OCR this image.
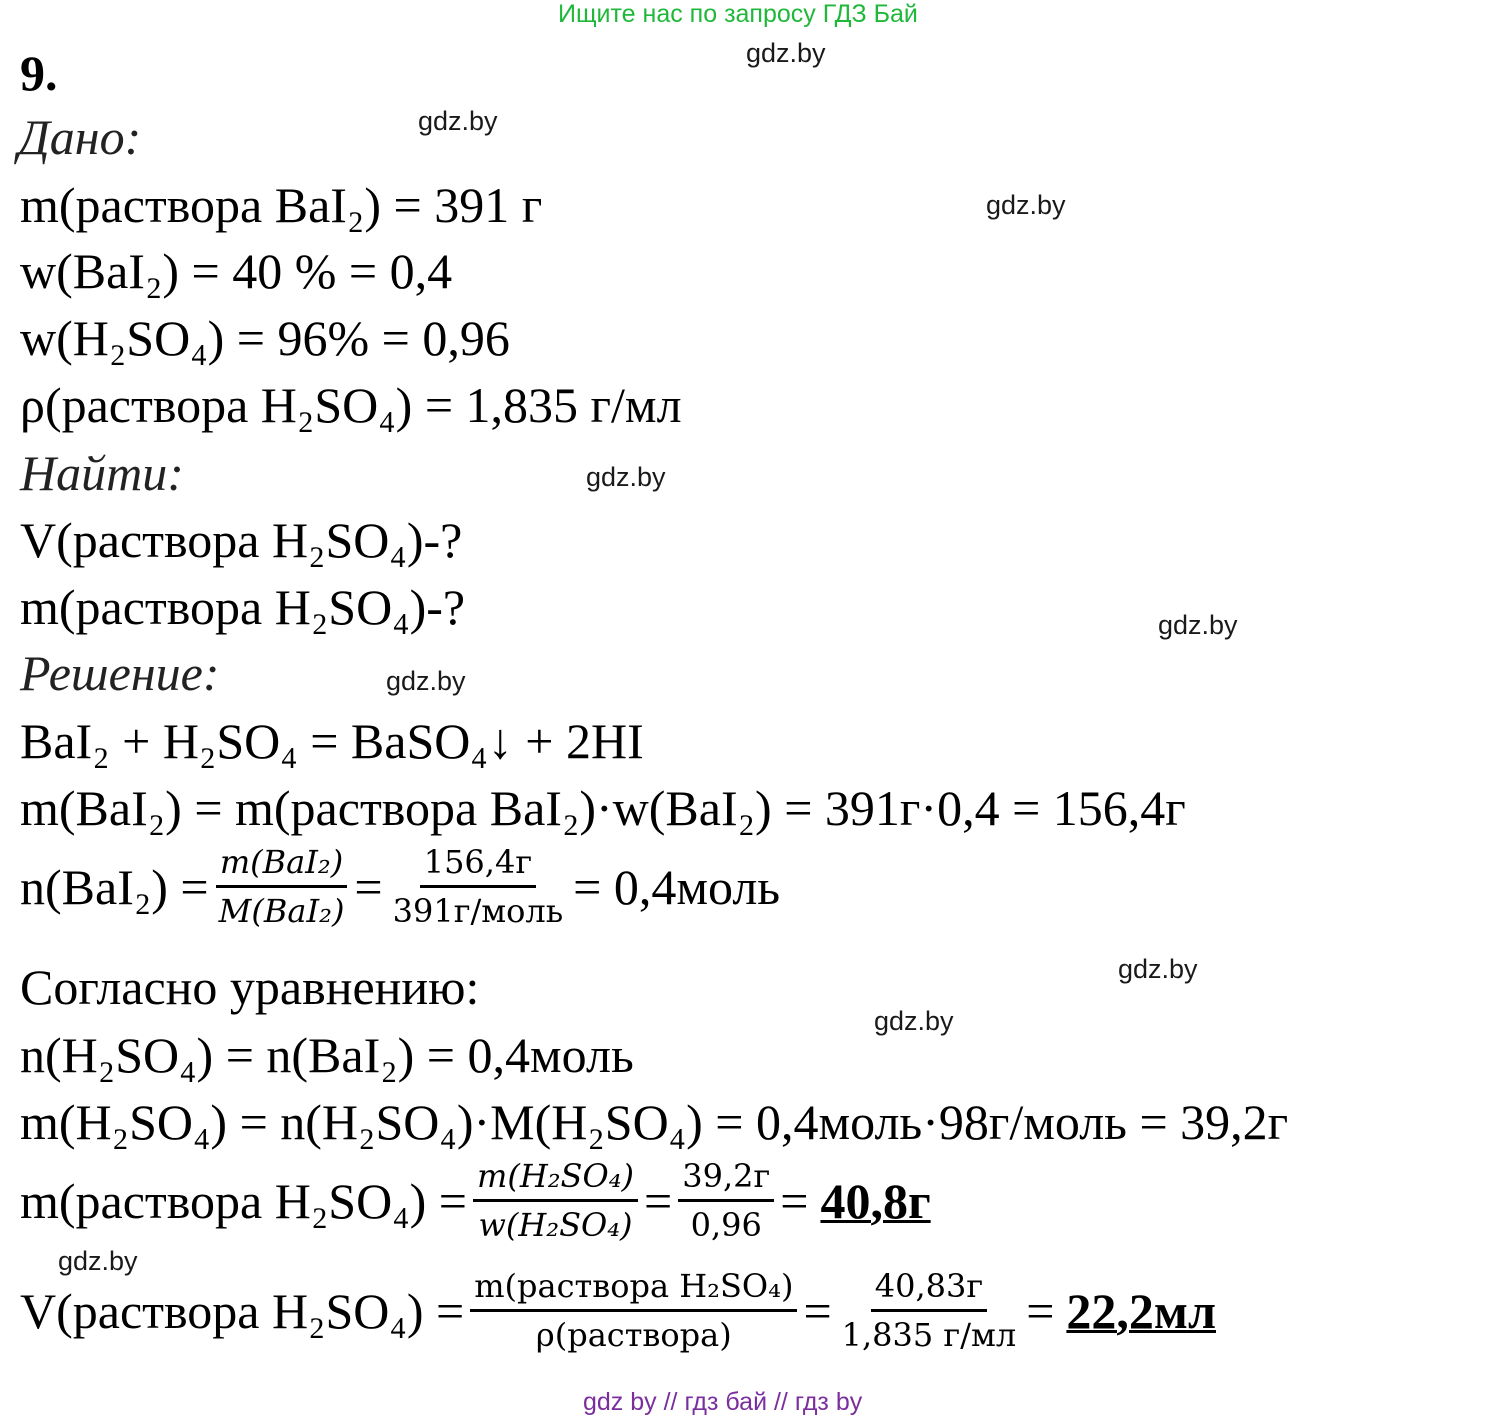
Ищите нас по запросу ГДЗ Бай
9.	gdz.by
gdz.by
gdz.by
gdz.by
gdz.by
gdz.by
gdz.by
gdz.by
gdz.by
Дано:
m(раствора BaI₂) = 391 г
w(BaI₂) = 40 % = 0,4
w(H₂SO₄) = 96% = 0,96
ρ(раствора H₂SO₄) = 1,835 г/мл
Найти:
V(раствора H₂SO₄)-?
m(раствора H₂SO₄)-?
Решение:
BaI₂ + H₂SO₄ = BaSO₄↓ + 2HI
m(BaI₂) = m(раствора BaI₂)·w(BaI₂) = 391г·0,4 = 156,4г
$n(BaI_2) = \frac{\text{m(BaI₂)}}{\text{M(BaI₂)}} = \frac{156,4г}{\text{391г/моль}}$ = 0,4моль
Согласно уравнению:
n(H₂SO₄) = n(BaI₂) = 0,4моль
m(H₂SO₄) = n(H₂SO₄)·M(H₂SO₄) = 0,4моль·98г/моль = 39,2г
m(раствора $H_2SO_4) = \frac{\text{m(H₂SO₄)}}{\text{w(H₂SO₄)}} = \frac{39,2г}{0,96} = 40,8г$
V(раствора $H_2SO_4) = \frac{\text{m(раствора H₂SO₄)}}{\text{ρ(раствора)}} = \frac{40,83г}{1,835 г/мл} = 22,2мл$
gdz by // гдз бай // гдз by
